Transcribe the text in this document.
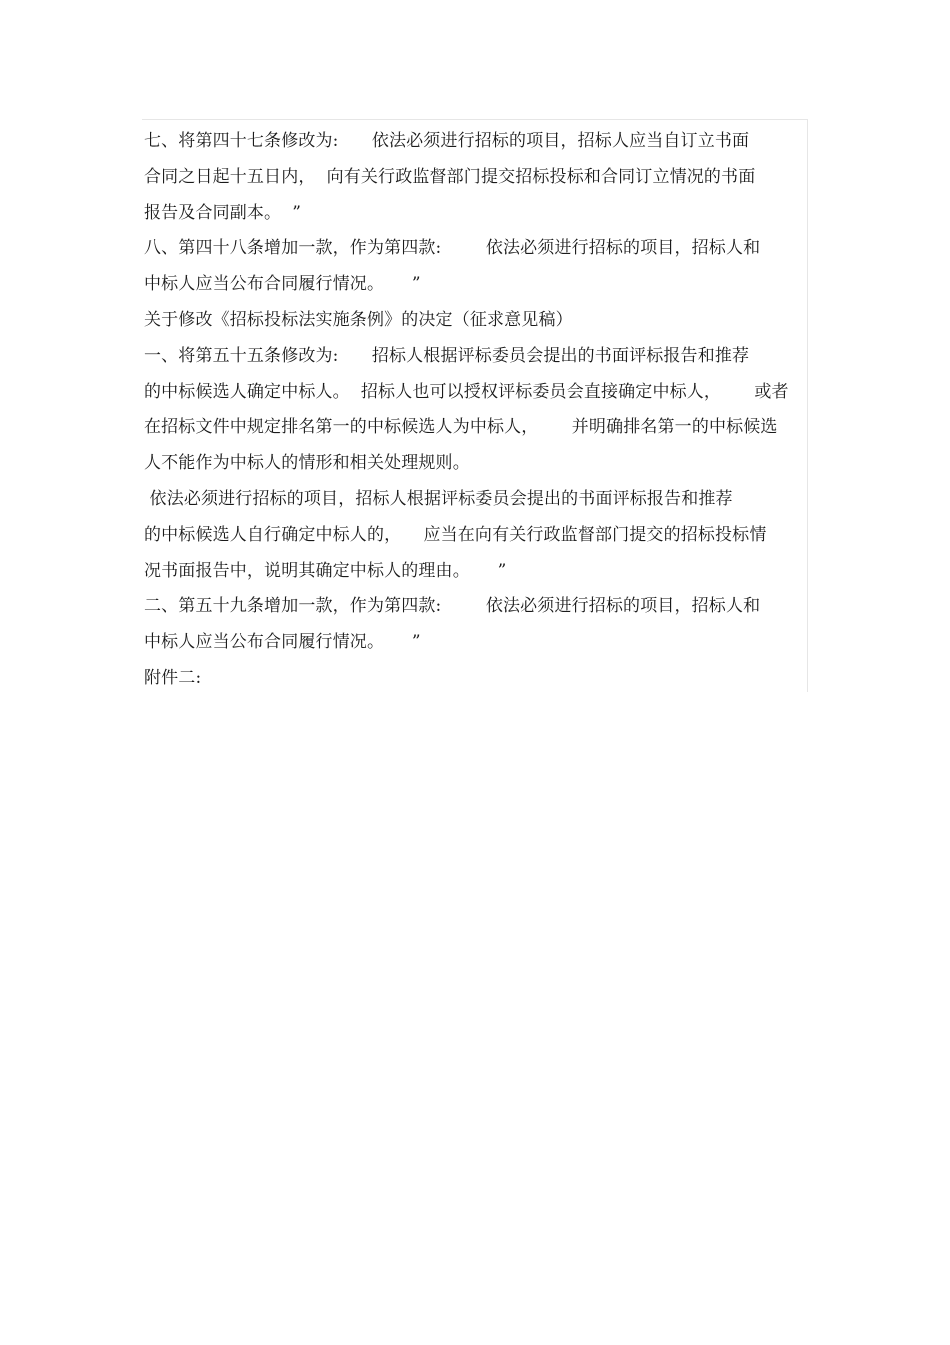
七、将第四十七条修改为:      依法必须进行招标的项目，招标人应当自订立书面
合同之日起十五日内，  向有关行政监督部门提交招标投标和合同订立情况的书面
报告及合同副本。  ”
八、第四十八条增加一款，作为第四款:        依法必须进行招标的项目，招标人和
中标人应当公布合同履行情况。     ”
关于修改《招标投标法实施条例》的决定（征求意见稿）
一、将第五十五条修改为:      招标人根据评标委员会提出的书面评标报告和推荐
的中标候选人确定中标人。  招标人也可以授权评标委员会直接确定中标人，      或者
在招标文件中规定排名第一的中标候选人为中标人，      并明确排名第一的中标候选
人不能作为中标人的情形和相关处理规则。
依法必须进行招标的项目，招标人根据评标委员会提出的书面评标报告和推荐
的中标候选人自行确定中标人的，    应当在向有关行政监督部门提交的招标投标情
况书面报告中，说明其确定中标人的理由。     ”
二、第五十九条增加一款，作为第四款:        依法必须进行招标的项目，招标人和
中标人应当公布合同履行情况。     ”
附件二:
